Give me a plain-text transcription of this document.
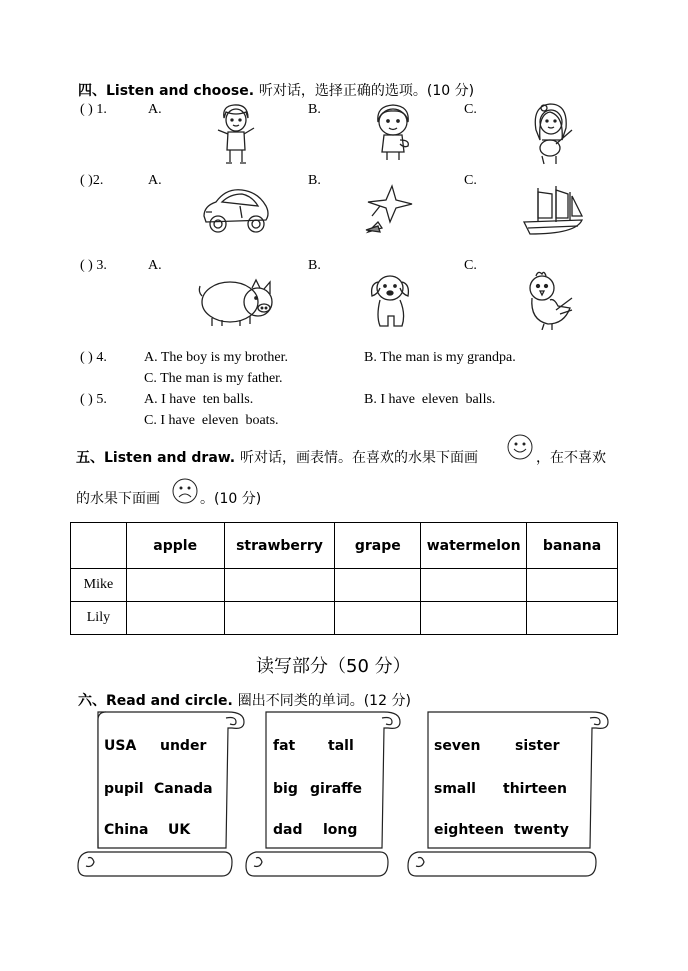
四、Listen and choose. 听对话，选择正确的选项。(10 分)
( ) 1.	A.	B.	C.
( )2.	A.	B.	C.
( ) 3.	A.	B.	C.
( ) 4.	A. The boy is my brother.	B. The man is my grandpa.
C. The man is my father.
( ) 5.	A. I have  ten balls.	B. I have  eleven  balls.
C. I have  eleven  boats.
五、Listen and draw. 听对话，画表情。在喜欢的水果下面画	，在不喜欢
的水果下面画	。(10 分)
	apple	strawberry	grape	watermelon	banana
Mike					
Lily					
读写部分（50 分）
六、Read and circle. 圈出不同类的单词。(12 分)
USA under
pupil Canada
China UK
fat tall
big giraffe
dad long
seven sister
small thirteen
eighteen twenty
